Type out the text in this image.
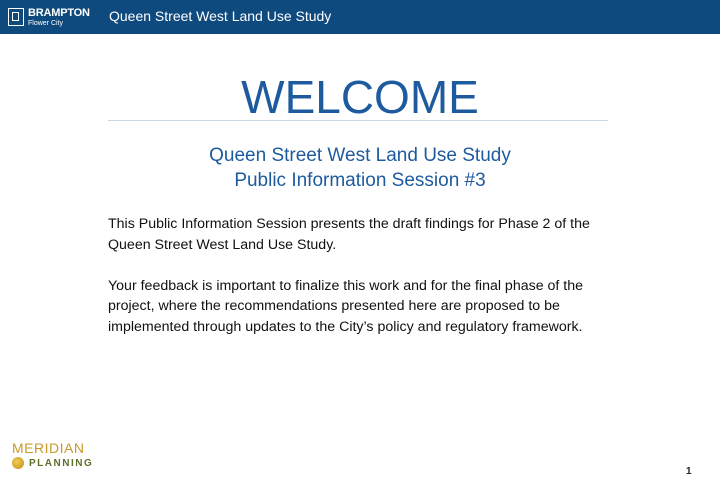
BRAMPTON
Flower City	Queen Street West Land Use Study
WELCOME
Queen Street West Land Use Study
Public Information Session #3

This Public Information Session presents the draft findings for Phase 2 of the Queen Street West Land Use Study.

Your feedback is important to finalize this work and for the final phase of the project, where the recommendations presented here are proposed to be implemented through updates to the City’s policy and regulatory framework.

MERIDIAN
PLANNING
1
